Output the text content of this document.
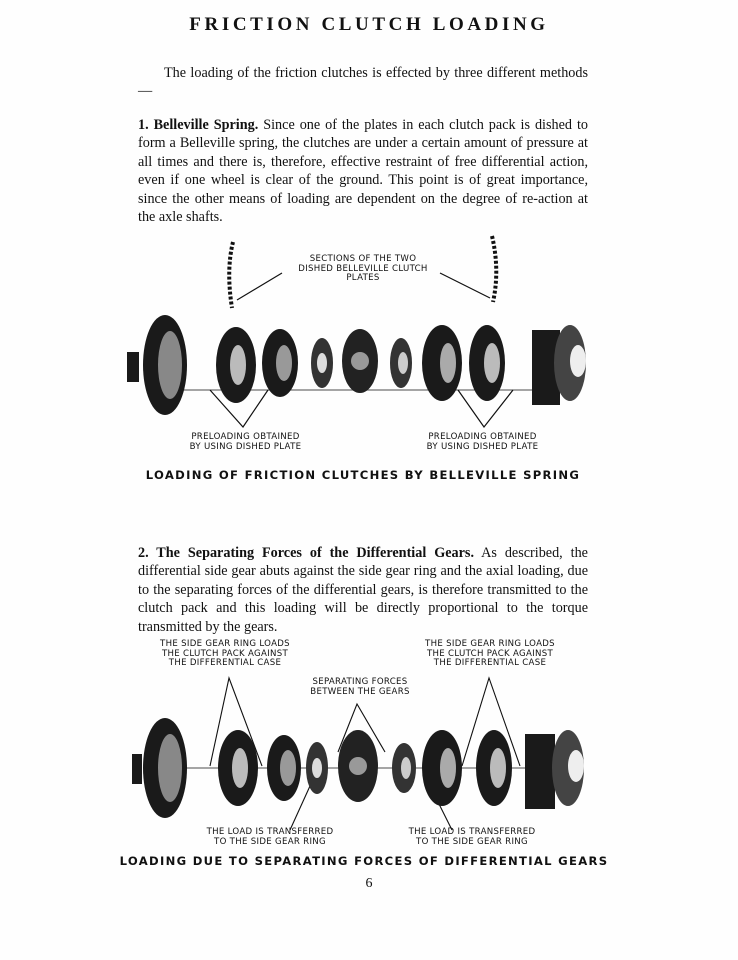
FRICTION CLUTCH LOADING

The loading of the friction clutches is effected by three different methods—

1. Belleville Spring. Since one of the plates in each clutch pack is dished to form a Belleville spring, the clutches are under a certain amount of pressure at all times and there is, therefore, effective restraint of free differential action, even if one wheel is clear of the ground. This point is of great importance, since the other means of loading are dependent on the degree of re-action at the axle shafts.

SECTIONS OF THE TWO
DISHED BELLEVILLE CLUTCH
PLATES
PRELOADING OBTAINED
BY USING DISHED PLATE
PRELOADING OBTAINED
BY USING DISHED PLATE
LOADING OF FRICTION CLUTCHES BY BELLEVILLE SPRING

2. The Separating Forces of the Differential Gears. As described, the differential side gear abuts against the side gear ring and the axial loading, due to the separating forces of the differential gears, is therefore transmitted to the clutch pack and this loading will be directly proportional to the torque transmitted by the gears.

THE SIDE GEAR RING LOADS
THE CLUTCH PACK AGAINST
THE DIFFERENTIAL CASE
SEPARATING FORCES
BETWEEN THE GEARS
THE SIDE GEAR RING LOADS
THE CLUTCH PACK AGAINST
THE DIFFERENTIAL CASE
THE LOAD IS TRANSFERRED
TO THE SIDE GEAR RING
THE LOAD IS TRANSFERRED
TO THE SIDE GEAR RING
LOADING DUE TO SEPARATING FORCES OF DIFFERENTIAL GEARS
6
